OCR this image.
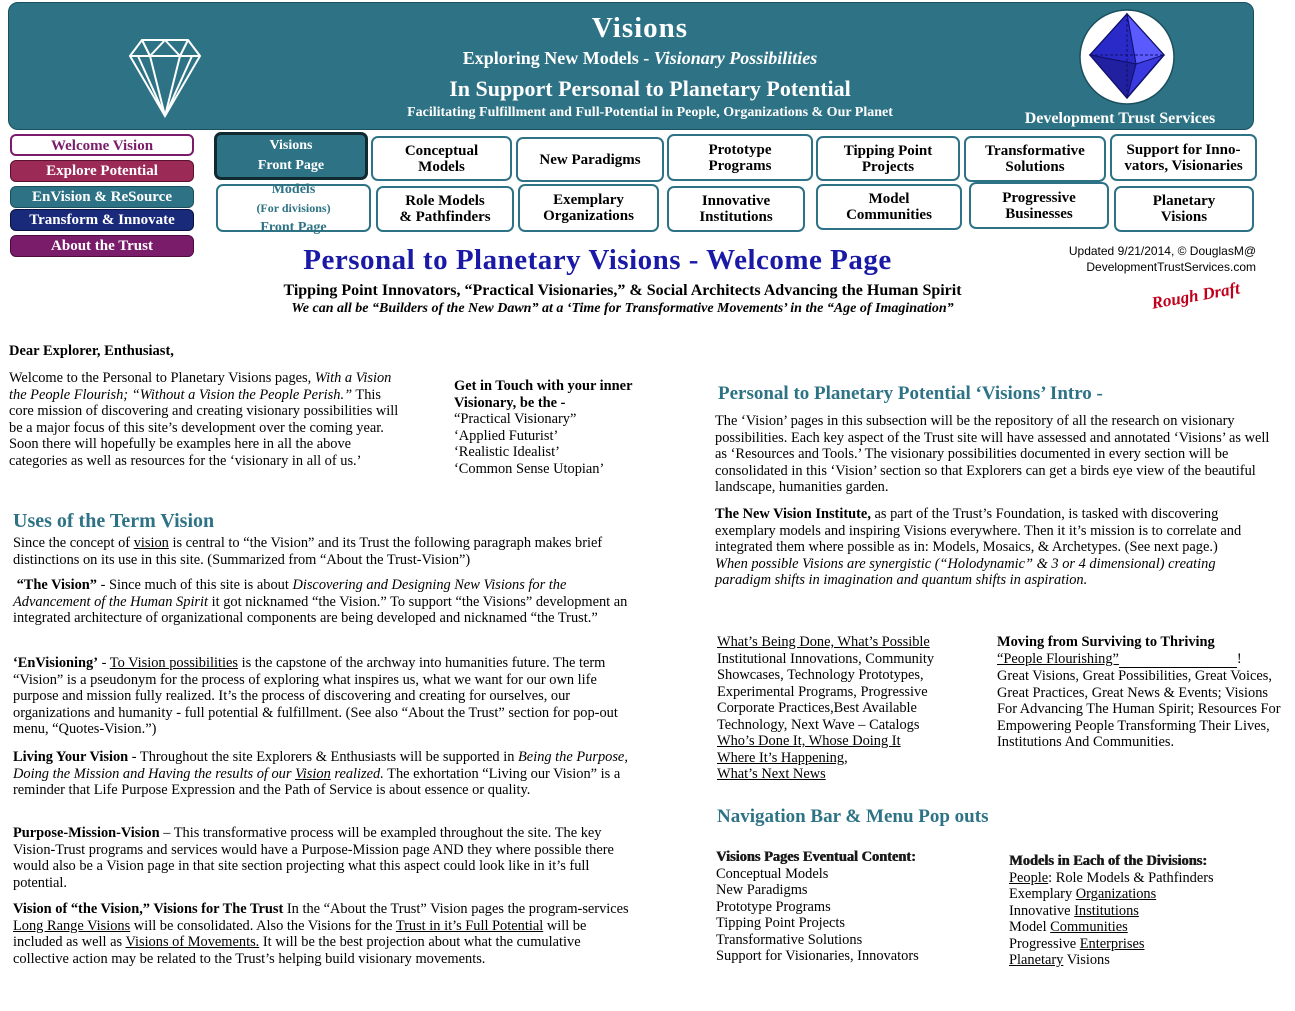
Visions
Exploring New Models - Visionary Possibilities
In Support Personal to Planetary Potential
Facilitating Fulfillment and Full-Potential in People, Organizations & Our Planet	Development Trust Services
Welcome Vision
Explore Potential
EnVision & ReSource
Transform & Innovate
About the Trust
Visions
Front Page
Models
(For divisions)
Front Page
Conceptual
Models	New Paradigms
Prototype
Programs
Tipping Point
Projects
Transformative
Solutions
Support for Inno-
vators, Visionaries
Role Models
& Pathfinders
Exemplary
Organizations
Innovative
Institutions
Model
Communities
Progressive
Businesses
Planetary
Visions
Personal to Planetary Visions - Welcome Page	Updated 9/21/2014, © DouglasM@
DevelopmentTrustServices.com
Tipping Point Innovators, “Practical Visionaries,” & Social Architects Advancing the Human Spirit
We can all be “Builders of the New Dawn” at a ‘Time for Transformative Movements’ in the “Age of Imagination”	Rough Draft
Dear Explorer, Enthusiast,
Welcome to the Personal to Planetary Visions pages, With a Vision the People Flourish; “Without a Vision the People Perish.” This core mission of discovering and creating visionary possibilities will be a major focus of this site’s development over the coming year. Soon there will hopefully be examples here in all the above categories as well as resources for the ‘visionary in all of us.’
Get in Touch with your inner Visionary, be the -
“Practical Visionary”
‘Applied Futurist’
‘Realistic Idealist’
‘Common Sense Utopian’
Uses of the Term Vision
Since the concept of vision is central to “the Vision” and its Trust the following paragraph makes brief distinctions on its use in this site. (Summarized from “About the Trust-Vision”)
“The Vision” - Since much of this site is about Discovering and Designing New Visions for the Advancement of the Human Spirit it got nicknamed “the Vision.” To support “the Visions” development an integrated architecture of organizational components are being developed and nicknamed “the Trust.”
‘EnVisioning’ - To Vision possibilities is the capstone of the archway into humanities future. The term “Vision” is a pseudonym for the process of exploring what inspires us, what we want for our own life purpose and mission fully realized. It’s the process of discovering and creating for ourselves, our organizations and humanity - full potential & fulfillment. (See also “About the Trust” section for pop-out menu, “Quotes-Vision.”)
Living Your Vision - Throughout the site Explorers & Enthusiasts will be supported in Being the Purpose, Doing the Mission and Having the results of our Vision realized. The exhortation “Living our Vision” is a reminder that Life Purpose Expression and the Path of Service is about essence or quality.
Purpose-Mission-Vision – This transformative process will be exampled throughout the site. The key Vision-Trust programs and services would have a Purpose-Mission page AND they where possible there would also be a Vision page in that site section projecting what this aspect could look like in it’s full potential.
Vision of “the Vision,” Visions for The Trust In the “About the Trust” Vision pages the program-services Long Range Visions will be consolidated. Also the Visions for the Trust in it’s Full Potential will be included as well as Visions of Movements. It will be the best projection about what the cumulative collective action may be related to the Trust’s helping build visionary movements.
Personal to Planetary Potential ‘Visions’ Intro -
The ‘Vision’ pages in this subsection will be the repository of all the research on visionary possibilities. Each key aspect of the Trust site will have assessed and annotated ‘Visions’ as well as ‘Resources and Tools.’ The visionary possibilities documented in every section will be consolidated in this ‘Vision’ section so that Explorers can get a birds eye view of the beautiful landscape, humanities garden.
The New Vision Institute, as part of the Trust’s Foundation, is tasked with discovering exemplary models and inspiring Visions everywhere. Then it it’s mission is to correlate and integrated them where possible as in: Models, Mosaics, & Archetypes. (See next page.)
When possible Visions are synergistic (“Holodynamic” & 3 or 4 dimensional) creating paradigm shifts in imagination and quantum shifts in aspiration.
What’s Being Done, What’s Possible
Institutional Innovations, Community Showcases, Technology Prototypes, Experimental Programs, Progressive Corporate Practices,Best Available Technology, Next Wave – Catalogs
Who’s Done It, Whose Doing It
Where It’s Happening,
What’s Next News
Moving from Surviving to Thriving
“People Flourishing”	!
Great Visions, Great Possibilities, Great Voices, Great Practices, Great News & Events; Visions For Advancing The Human Spirit; Resources For Empowering People Transforming Their Lives, Institutions And Communities.
Navigation Bar & Menu Pop outs
Visions Pages Eventual Content:
Conceptual Models
New Paradigms
Prototype Programs
Tipping Point Projects
Transformative Solutions
Support for Visionaries, Innovators
Models in Each of the Divisions:
People: Role Models & Pathfinders
Exemplary Organizations
Innovative Institutions
Model Communities
Progressive Enterprises
Planetary Visions
